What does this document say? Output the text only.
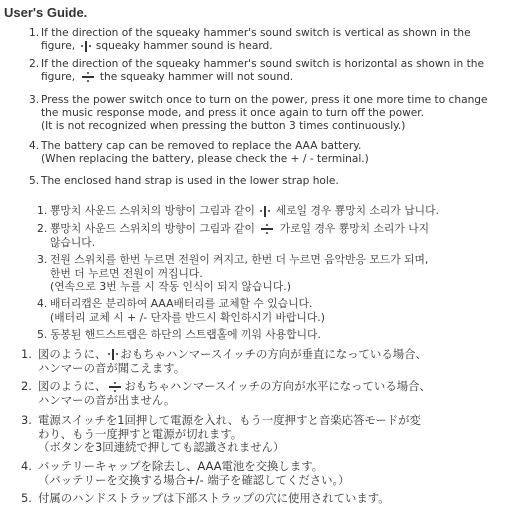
User's Guide.
1. If the direction of the squeaky hammer's sound switch is vertical as shown in the
figure,
squeaky hammer sound is heard.
2. If the direction of the squeaky hammer's sound switch is horizontal as shown in the
figure,
the squeaky hammer will not sound.
3. Press the power switch once to turn on the power, press it one more time to change
the music response mode, and press it once again to turn off the power.
(It is not recognized when pressing the button 3 times continuously.)
4. The battery cap can be removed to replace the AAA battery.
(When replacing the battery, please check the + / - terminal.)
5. The enclosed hand strap is used in the lower strap hole.
1. 뿅망치 사운드 스위치의 방향이 그림과 같이
세로일 경우 뿅망치 소리가 납니다.
2. 뿅망치 사운드 스위치의 방향이 그림과 같이
가로일 경우 뿅망치 소리가 나지
않습니다.
3. 전원 스위치를 한번 누르면 전원이 켜지고, 한번 더 누르면 음악반응 모드가 되며,
한번 더 누르면 전원이 꺼집니다.
(연속으로 3번 누를 시 작동 인식이 되지 않습니다.)
4. 배터리캡은 분리하여 AAA배터리를 교체할 수 있습니다.
(배터리 교체 시 + /- 단자를 반드시 확인하시기 바랍니다.)
5. 동봉된 핸드스트랩은 하단의 스트랩홀에 끼워 사용합니다.
1. 図のように、 おもちゃハンマースイッチの方向が垂直になっている場合、
ハンマーの音が聞こえます。
2. 図のように、 おもちゃハンマースイッチの方向が水平になっている場合、
ハンマーの音が出ません。
3. 電源スイッチを1回押して電源を入れ、もう一度押すと音楽応答モードが変
わり、もう一度押すと電源が切れます。
（ボタンを3回連続で押しても認識されません）
4. バッテリーキャップを除去し、AAA電池を交換します。
（バッテリーを交換する場合+/- 端子を確認してください。）
5. 付属のハンドストラップは下部ストラップの穴に使用されています。
